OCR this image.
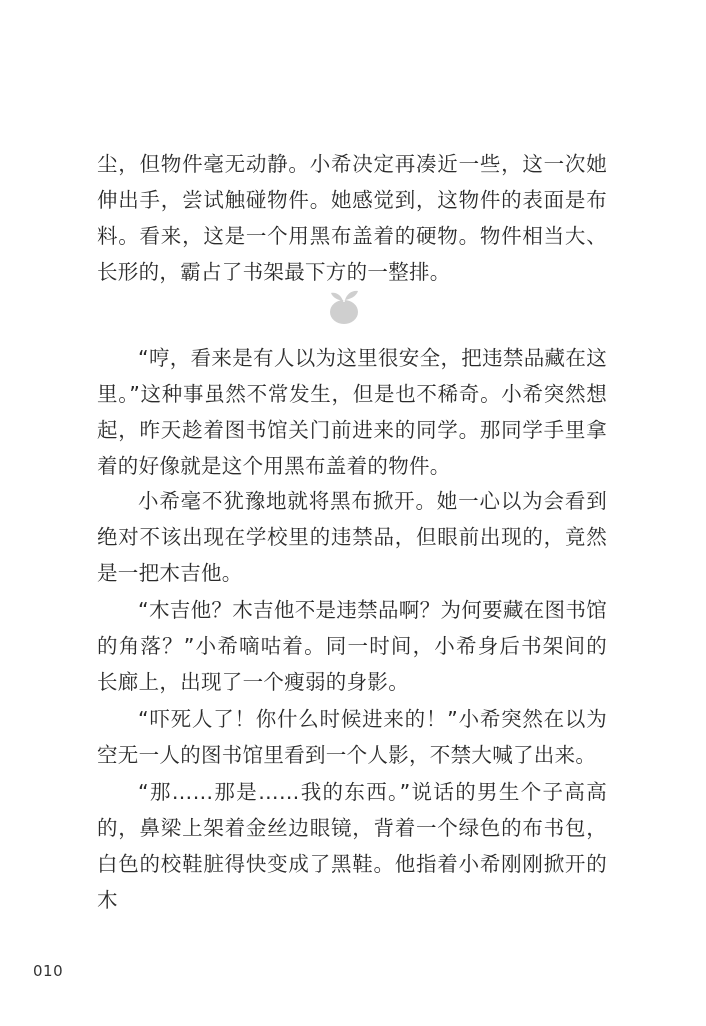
尘，但物件毫无动静。小希决定再凑近一些，这一次她伸出手，尝试触碰物件。她感觉到，这物件的表面是布料。看来，这是一个用黑布盖着的硬物。物件相当大、长形的，霸占了书架最下方的一整排。

“哼，看来是有人以为这里很安全，把违禁品藏在这里。”这种事虽然不常发生，但是也不稀奇。小希突然想起，昨天趁着图书馆关门前进来的同学。那同学手里拿着的好像就是这个用黑布盖着的物件。

小希毫不犹豫地就将黑布掀开。她一心以为会看到绝对不该出现在学校里的违禁品，但眼前出现的，竟然是一把木吉他。

“木吉他？木吉他不是违禁品啊？为何要藏在图书馆的角落？”小希嘀咕着。同一时间，小希身后书架间的长廊上，出现了一个瘦弱的身影。

“吓死人了！你什么时候进来的！”小希突然在以为空无一人的图书馆里看到一个人影，不禁大喊了出来。

“那……那是……我的东西。”说话的男生个子高高的，鼻梁上架着金丝边眼镜，背着一个绿色的布书包，白色的校鞋脏得快变成了黑鞋。他指着小希刚刚掀开的木

010
